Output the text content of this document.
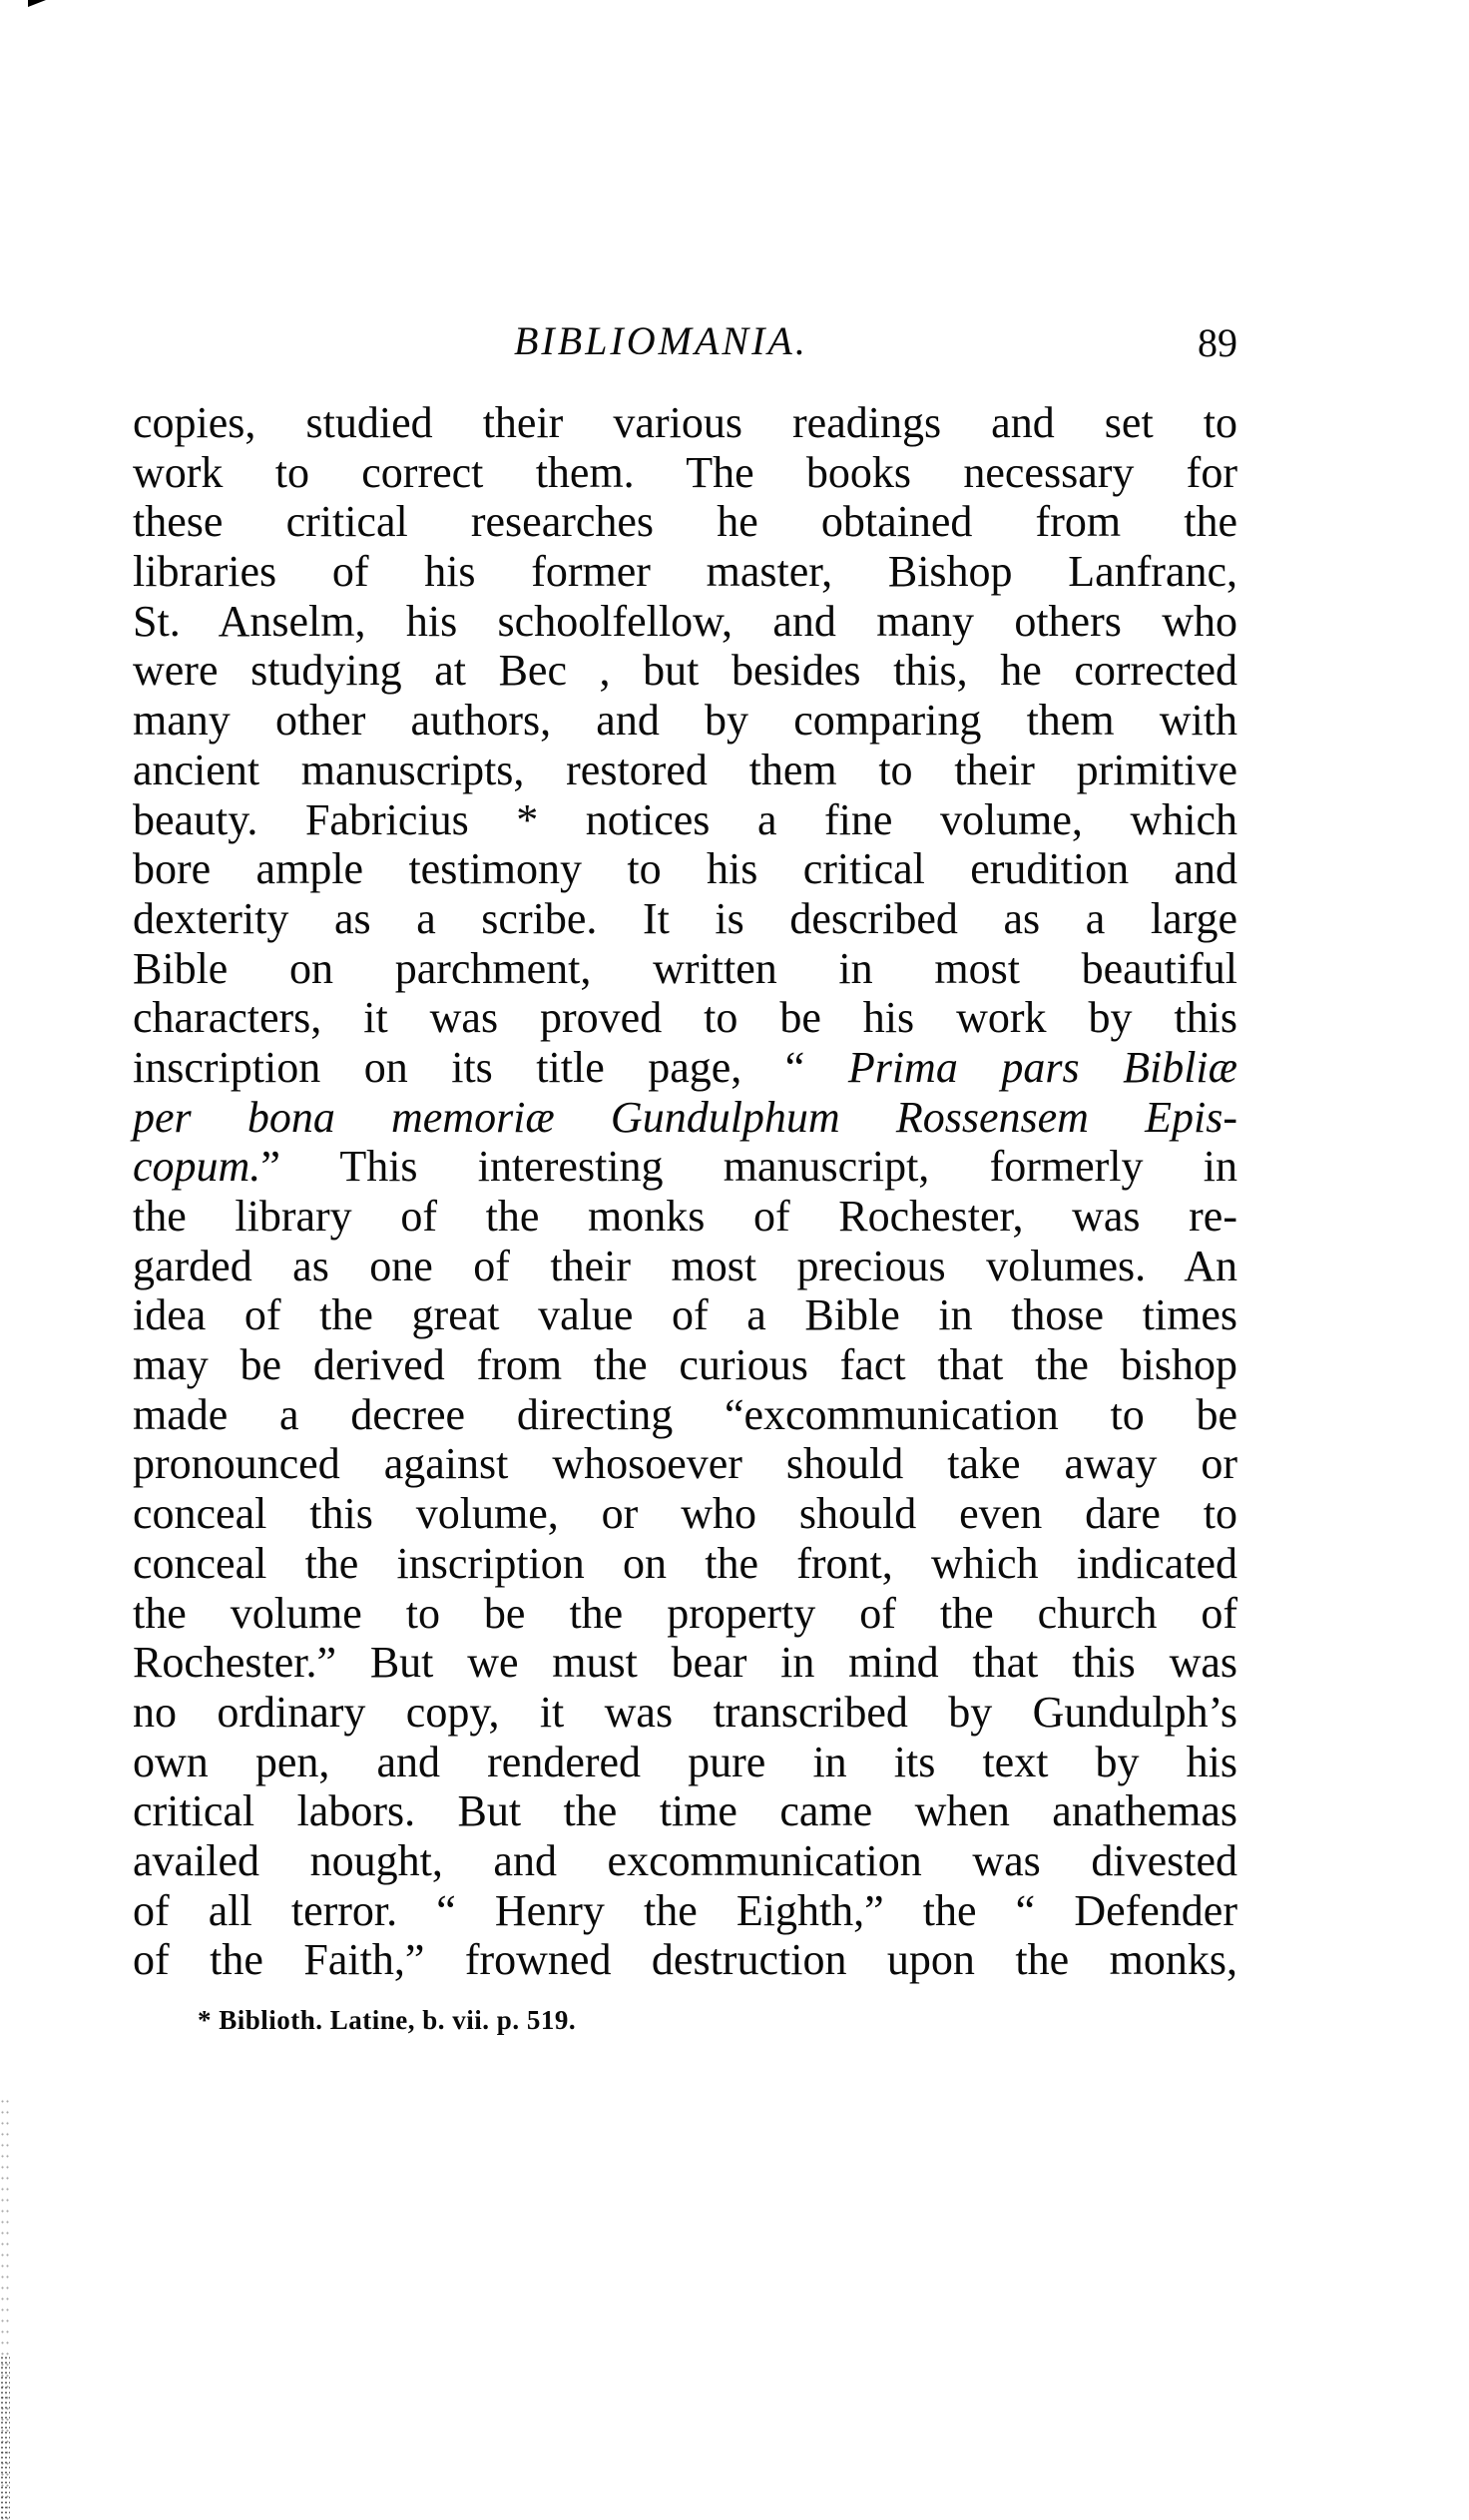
BIBLIOMANIA.	89
copies, studied their various readings and set to
work to correct them. The books necessary for
these critical researches he obtained from the
libraries of his former master, Bishop Lanfranc,
St. Anselm, his schoolfellow, and many others who
were studying at Bec , but besides this, he corrected
many other authors, and by comparing them with
ancient manuscripts, restored them to their primitive
beauty. Fabricius * notices a fine volume, which
bore ample testimony to his critical erudition and
dexterity as a scribe. It is described as a large
Bible on parchment, written in most beautiful
characters, it was proved to be his work by this
inscription on its title page, “ Prima pars Bibliæ
per bona memoriæ Gundulphum Rossensem Epis-
copum.” This interesting manuscript, formerly in
the library of the monks of Rochester, was re-
garded as one of their most precious volumes. An
idea of the great value of a Bible in those times
may be derived from the curious fact that the bishop
made a decree directing “excommunication to be
pronounced against whosoever should take away or
conceal this volume, or who should even dare to
conceal the inscription on the front, which indicated
the volume to be the property of the church of
Rochester.” But we must bear in mind that this was
no ordinary copy, it was transcribed by Gundulph’s
own pen, and rendered pure in its text by his
critical labors. But the time came when anathemas
availed nought, and excommunication was divested
of all terror. “ Henry the Eighth,” the “ Defender
of the Faith,” frowned destruction upon the monks,
* Biblioth. Latine, b. vii. p. 519.
